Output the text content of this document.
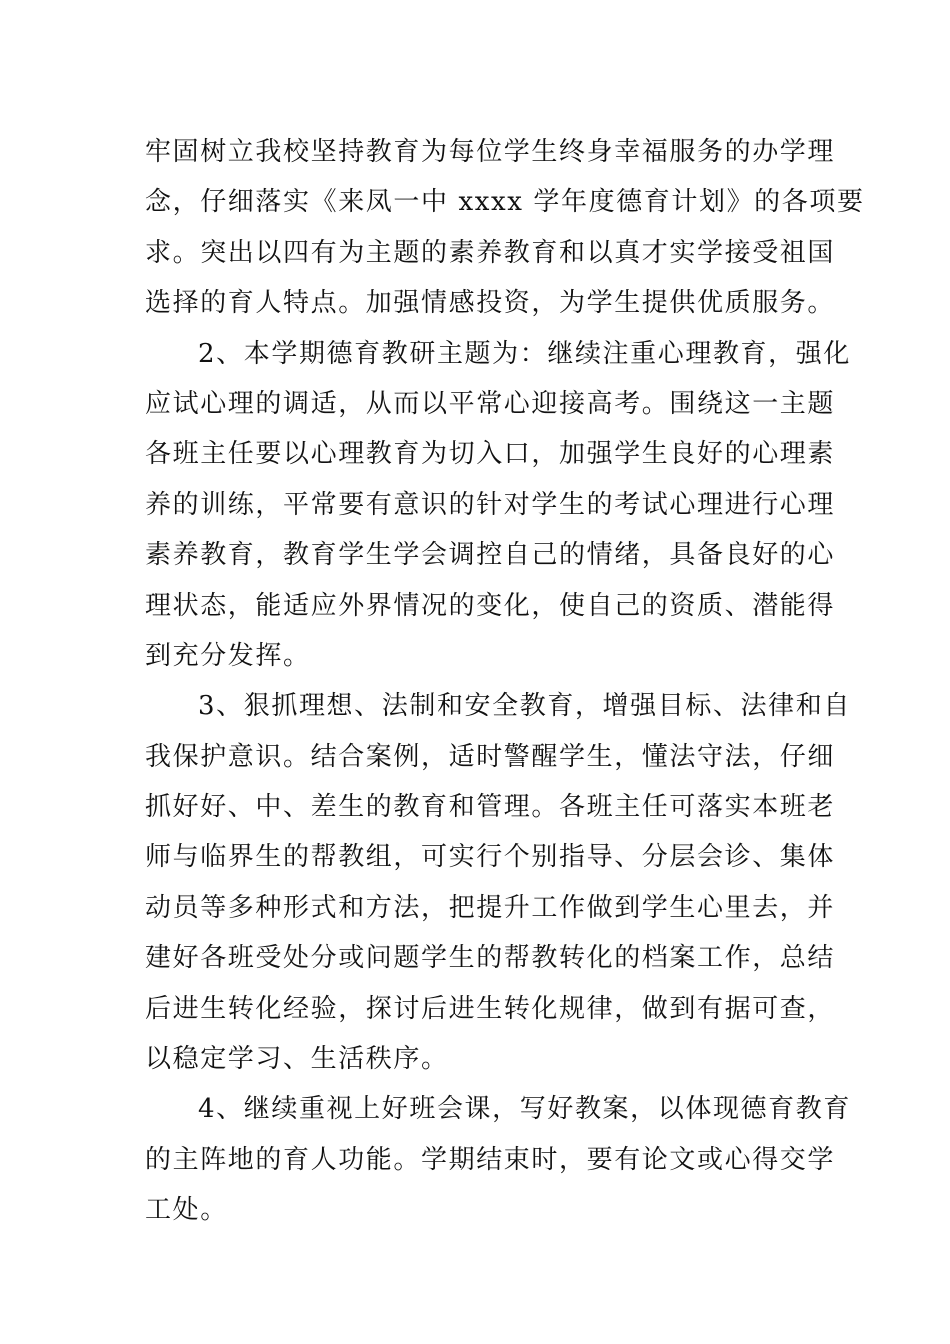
牢固树立我校坚持教育为每位学生终身幸福服务的办学理
念，仔细落实《来凤一中 xxxx 学年度德育计划》的各项要
求。突出以四有为主题的素养教育和以真才实学接受祖国
选择的育人特点。加强情感投资，为学生提供优质服务。
2、本学期德育教研主题为：继续注重心理教育，强化
应试心理的调适，从而以平常心迎接高考。围绕这一主题
各班主任要以心理教育为切入口，加强学生良好的心理素
养的训练，平常要有意识的针对学生的考试心理进行心理
素养教育，教育学生学会调控自己的情绪，具备良好的心
理状态，能适应外界情况的变化，使自己的资质、潜能得
到充分发挥。
3、狠抓理想、法制和安全教育，增强目标、法律和自
我保护意识。结合案例，适时警醒学生，懂法守法，仔细
抓好好、中、差生的教育和管理。各班主任可落实本班老
师与临界生的帮教组，可实行个别指导、分层会诊、集体
动员等多种形式和方法，把提升工作做到学生心里去，并
建好各班受处分或问题学生的帮教转化的档案工作，总结
后进生转化经验，探讨后进生转化规律，做到有据可查，
以稳定学习、生活秩序。
4、继续重视上好班会课，写好教案，以体现德育教育
的主阵地的育人功能。学期结束时，要有论文或心得交学
工处。
